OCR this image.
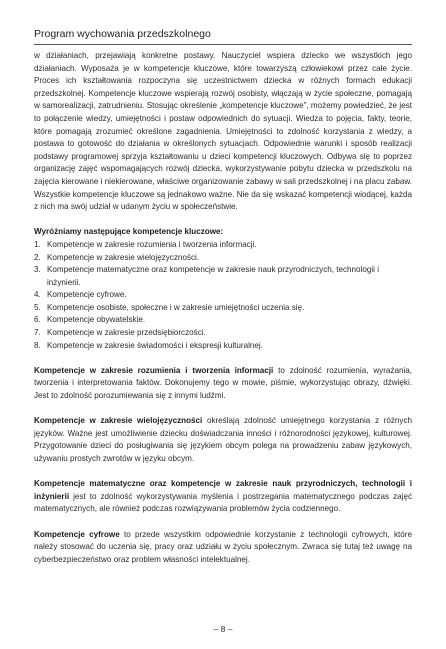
Program wychowania przedszkolnego

w działaniach, przejawiają konkretne postawy. Nauczyciel wspiera dziecko we wszystkich jego działaniach. Wyposaża je w kompetencje kluczowe, które towarzyszą człowiekowi przez całe życie. Proces ich kształtowania rozpoczyna się uczestnictwem dziecka w różnych formach edukacji przedszkolnej. Kompetencje kluczowe wspierają rozwój osobisty, włączają w życie społeczne, pomagają w samorealizacji, zatrudnieniu. Stosując określenie „kompetencje kluczowe”, możemy powiedzieć, że jest to połączenie wiedzy, umiejętności i postaw odpowiednich do sytuacji. Wiedza to pojęcia, fakty, teorie, które pomagają zrozumieć określone zagadnienia. Umiejętności to zdolność korzystania z wiedzy, a postawa to gotowość do działania w określonych sytuacjach. Odpowiednie warunki i sposób realizacji podstawy programowej sprzyja kształtowaniu u dzieci kompetencji kluczowych. Odbywa się to poprzez organizację zajęć wspomagających rozwój dziecka, wykorzystywanie pobytu dziecka w przedszkolu na zajęcia kierowane i niekierowane, właściwe organizowanie zabawy w sali przedszkolnej i na placu zabaw. Wszystkie kompetencje kluczowe są jednakowo ważne. Nie da się wskazać kompetencji wiodącej, każda z nich ma swój udział w udanym życiu w społeczeństwie.

Wyróżniamy następujące kompetencje kluczowe:

1. Kompetencje w zakresie rozumienia i tworzenia informacji.
2. Kompetencje w zakresie wielojęzyczności.
3. Kompetencje matematyczne oraz kompetencje w zakresie nauk przyrodniczych, technologii i inżynierii.
4. Kompetencje cyfrowe.
5. Kompetencje osobiste, społeczne i w zakresie umiejętności uczenia się.
6. Kompetencje obywatelskie.
7. Kompetencje w zakresie przedsiębiorczości.
8. Kompetencje w zakresie świadomości i ekspresji kulturalnej.

Kompetencje w zakresie rozumienia i tworzenia informacji to zdolność rozumienia, wyrażania, tworzenia i interpretowania faktów. Dokonujemy tego w mowie, piśmie, wykorzystując obrazy, dźwięki. Jest to zdolność porozumiewania się z innymi ludźmi.

Kompetencje w zakresie wielojęzyczności określają zdolność umiejętnego korzystania z różnych języków. Ważne jest umożliwienie dziecku doświadczania inności i różnorodności językowej, kulturowej. Przygotowanie dzieci do posługiwania się językiem obcym polega na prowadzeniu zabaw językowych, używaniu prostych zwrotów w języku obcym.

Kompetencje matematyczne oraz kompetencje w zakresie nauk przyrodniczych, technologii i inżynierii jest to zdolność wykorzystywania myślenia i postrzegania matematycznego podczas zajęć matematycznych, ale również podczas rozwiązywania problemów życia codziennego.

Kompetencje cyfrowe to przede wszystkim odpowiednie korzystanie z technologii cyfrowych, które należy stosować do uczenia się, pracy oraz udziału w życiu społecznym. Zwraca się tutaj też uwagę na cyberbezpieczeństwo oraz problem własności intelektualnej.

– 8 –
